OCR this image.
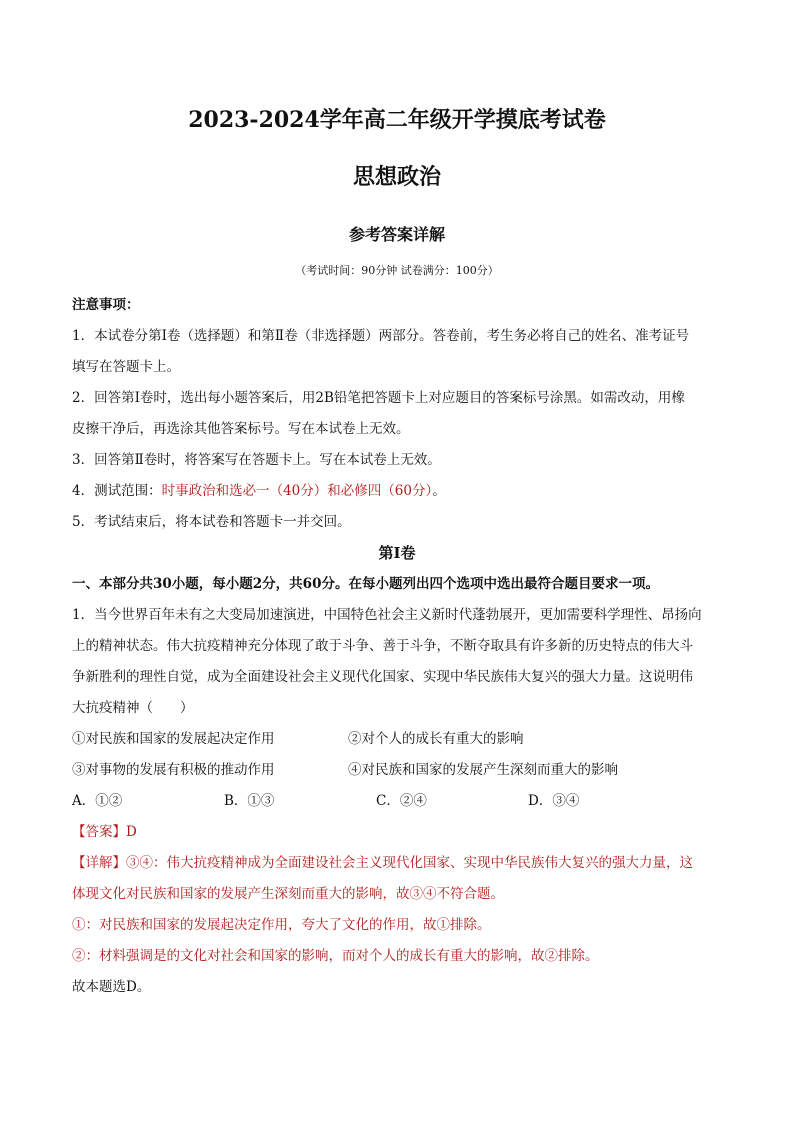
2023-2024学年高二年级开学摸底考试卷
思想政治
参考答案详解
（考试时间：90分钟 试卷满分：100分）

注意事项：

1．本试卷分第Ⅰ卷（选择题）和第Ⅱ卷（非选择题）两部分。答卷前，考生务必将自己的姓名、准考证号

填写在答题卡上。

2．回答第Ⅰ卷时，选出每小题答案后，用2B铅笔把答题卡上对应题目的答案标号涂黑。如需改动，用橡

皮擦干净后，再选涂其他答案标号。写在本试卷上无效。

3．回答第Ⅱ卷时，将答案写在答题卡上。写在本试卷上无效。

4．测试范围：时事政治和选必一（40分）和必修四（60分）。

5．考试结束后，将本试卷和答题卡一并交回。

第Ⅰ卷

一、本部分共30小题，每小题2分，共60分。在每小题列出四个选项中选出最符合题目要求一项。

1．当今世界百年未有之大变局加速演进，中国特色社会主义新时代蓬勃展开，更加需要科学理性、昂扬向

上的精神状态。伟大抗疫精神充分体现了敢于斗争、善于斗争，不断夺取具有许多新的历史特点的伟大斗

争新胜利的理性自觉，成为全面建设社会主义现代化国家、实现中华民族伟大复兴的强大力量。这说明伟

大抗疫精神（　　）

①对民族和国家的发展起决定作用	②对个人的成长有重大的影响
③对事物的发展有积极的推动作用	④对民族和国家的发展产生深刻而重大的影响
A．①②	B．①③	C．②④	D．③④

【答案】D

【详解】③④：伟大抗疫精神成为全面建设社会主义现代化国家、实现中华民族伟大复兴的强大力量，这

体现文化对民族和国家的发展产生深刻而重大的影响，故③④不符合题。

①：对民族和国家的发展起决定作用，夸大了文化的作用，故①排除。

②：材料强调是的文化对社会和国家的影响，而对个人的成长有重大的影响，故②排除。

故本题选D。
